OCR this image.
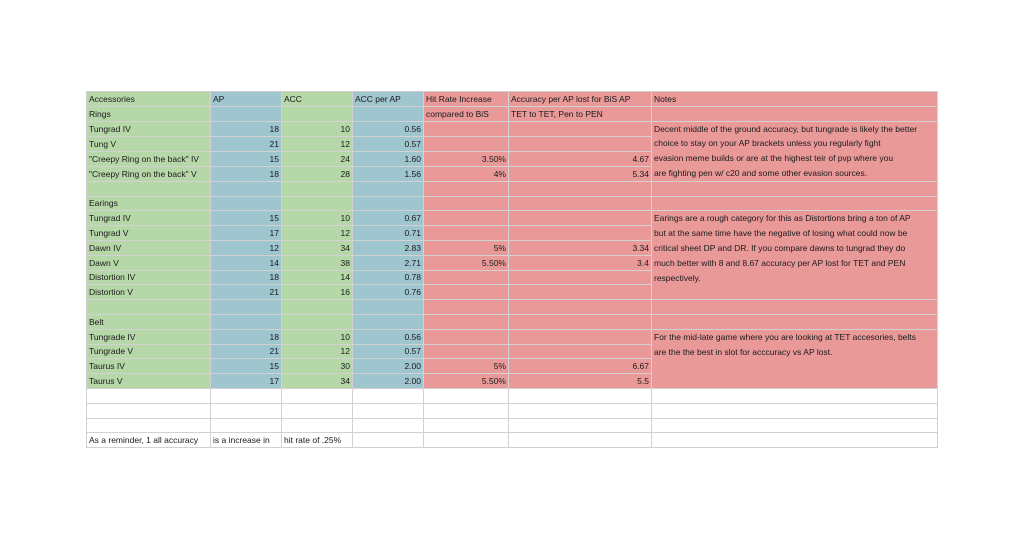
Accessories	AP	ACC	ACC per AP	Hit Rate Increase	Accuracy per AP lost for BiS AP	Notes
Rings				compared to BiS	TET to TET, Pen to PEN	
Tungrad IV	18	10	0.56			Decent middle of the ground accuracy, but tungrade is likely the better
choice to stay on your AP brackets unless you regularly fight
evasion meme builds or are at the highest teir of pvp where you
are fighting pen w/ c20 and some other evasion sources.

Tung V	21	12	0.57			
"Creepy Ring on the back" IV	15	24	1.60	3.50%	4.67	
"Creepy Ring on the back" V	18	28	1.56	4%	5.34	

Earings						
Tungrad IV	15	10	0.67			Earings are a rough category for this as Distortions bring a ton of AP
but at the same time have the negative of losing what could now be
critical sheet DP and DR. If you compare dawns to tungrad they do
much better with 8 and 8.67 accuracy per AP lost for TET and PEN
respectively.

Tungrad V	17	12	0.71			
Dawn IV	12	34	2.83	5%	3.34	
Dawn V	14	38	2.71	5.50%	3.4	
Distortion IV	18	14	0.78			
Distortion V	21	16	0.76			

Belt						
Tungrade IV	18	10	0.56			For the mid-late game where you are looking at TET accesories, belts
are the the best in slot for acccuracy vs AP lost.

Tungrade V	21	12	0.57			
Taurus IV	15	30	2.00	5%	6.67	
Taurus V	17	34	2.00	5.50%	5.5	

As a reminder, 1 all accuracy	is a increase in	hit rate of .25%				
